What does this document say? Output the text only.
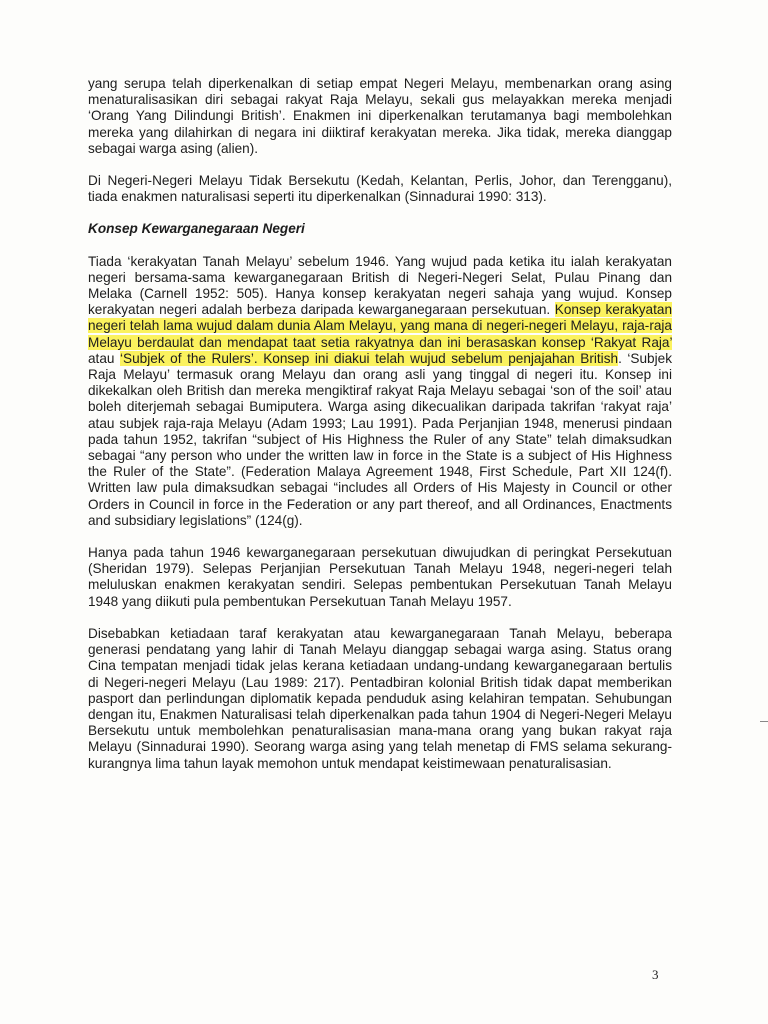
yang serupa telah diperkenalkan di setiap empat Negeri Melayu, membenarkan orang asing menaturalisasikan diri sebagai rakyat Raja Melayu, sekali gus melayakkan mereka menjadi ‘Orang Yang Dilindungi British’. Enakmen ini diperkenalkan terutamanya bagi membolehkan mereka yang dilahirkan di negara ini diiktiraf kerakyatan mereka. Jika tidak, mereka dianggap sebagai warga asing (alien).

Di Negeri-Negeri Melayu Tidak Bersekutu (Kedah, Kelantan, Perlis, Johor, dan Terengganu), tiada enakmen naturalisasi seperti itu diperkenalkan (Sinnadurai 1990: 313).

Konsep Kewarganegaraan Negeri

Tiada ‘kerakyatan Tanah Melayu’ sebelum 1946. Yang wujud pada ketika itu ialah kerakyatan negeri bersama-sama kewarganegaraan British di Negeri-Negeri Selat, Pulau Pinang dan Melaka (Carnell 1952: 505). Hanya konsep kerakyatan negeri sahaja yang wujud. Konsep kerakyatan negeri adalah berbeza daripada kewarganegaraan persekutuan. Konsep kerakyatan negeri telah lama wujud dalam dunia Alam Melayu, yang mana di negeri-negeri Melayu, raja-raja Melayu berdaulat dan mendapat taat setia rakyatnya dan ini berasaskan konsep ‘Rakyat Raja’ atau ‘Subjek of the Rulers’. Konsep ini diakui telah wujud sebelum penjajahan British. ‘Subjek Raja Melayu’ termasuk orang Melayu dan orang asli yang tinggal di negeri itu. Konsep ini dikekalkan oleh British dan mereka mengiktiraf rakyat Raja Melayu sebagai ‘son of the soil’ atau boleh diterjemah sebagai Bumiputera. Warga asing dikecualikan daripada takrifan ‘rakyat raja’ atau subjek raja-raja Melayu (Adam 1993; Lau 1991). Pada Perjanjian 1948, menerusi pindaan pada tahun 1952, takrifan “subject of His Highness the Ruler of any State” telah dimaksudkan sebagai “any person who under the written law in force in the State is a subject of His Highness the Ruler of the State”. (Federation Malaya Agreement 1948, First Schedule, Part XII 124(f). Written law pula dimaksudkan sebagai “includes all Orders of His Majesty in Council or other Orders in Council in force in the Federation or any part thereof, and all Ordinances, Enactments and subsidiary legislations” (124(g).

Hanya pada tahun 1946 kewarganegaraan persekutuan diwujudkan di peringkat Persekutuan (Sheridan 1979). Selepas Perjanjian Persekutuan Tanah Melayu 1948, negeri-negeri telah meluluskan enakmen kerakyatan sendiri. Selepas pembentukan Persekutuan Tanah Melayu 1948 yang diikuti pula pembentukan Persekutuan Tanah Melayu 1957.

Disebabkan ketiadaan taraf kerakyatan atau kewarganegaraan Tanah Melayu, beberapa generasi pendatang yang lahir di Tanah Melayu dianggap sebagai warga asing. Status orang Cina tempatan menjadi tidak jelas kerana ketiadaan undang-undang kewarganegaraan bertulis di Negeri-negeri Melayu (Lau 1989: 217). Pentadbiran kolonial British tidak dapat memberikan pasport dan perlindungan diplomatik kepada penduduk asing kelahiran tempatan. Sehubungan dengan itu, Enakmen Naturalisasi telah diperkenalkan pada tahun 1904 di Negeri-Negeri Melayu Bersekutu untuk membolehkan penaturalisasian mana-mana orang yang bukan rakyat raja Melayu (Sinnadurai 1990). Seorang warga asing yang telah menetap di FMS selama sekurang-kurangnya lima tahun layak memohon untuk mendapat keistimewaan penaturalisasian.

3
